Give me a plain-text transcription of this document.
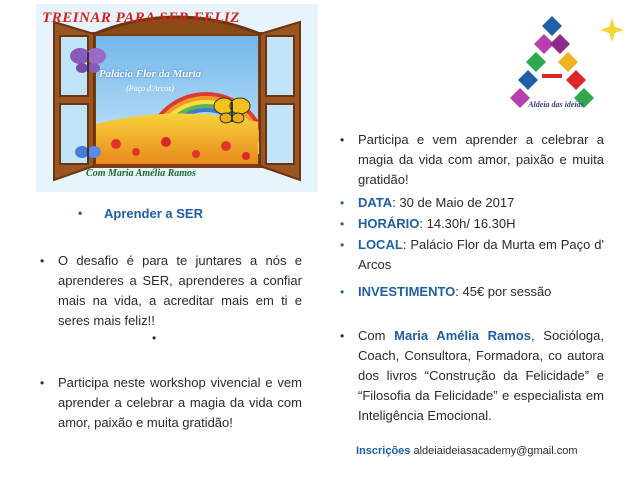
TREINAR PARA SER FELIZ
Palácio Flor da Murta
(Paço d'Arcos)
Com Maria Amélia Ramos
Aldeia das ideias
• Aprender a SER
• O desafio é para te juntares a nós e aprenderes a SER, aprenderes a confiar mais na vida, a acreditar mais em ti e seres mais feliz!!
•
• Participa neste workshop vivencial e vem aprender a celebrar a magia da vida com amor, paixão e muita gratidão!
• Participa e vem aprender a celebrar a magia da vida com amor, paixão e muita gratidão!
• DATA: 30 de Maio de 2017
• HORÁRIO: 14.30h/ 16.30H
• LOCAL: Palácio Flor da Murta em Paço d' Arcos
• INVESTIMENTO: 45€ por sessão
• Com Maria Amélia Ramos, Socióloga, Coach, Consultora, Formadora, co autora dos livros “Construção da Felicidade” e “Filosofia da Felicidade” e especialista em Inteligência Emocional.
Inscrições aldeiaideiasacademy@gmail.com
